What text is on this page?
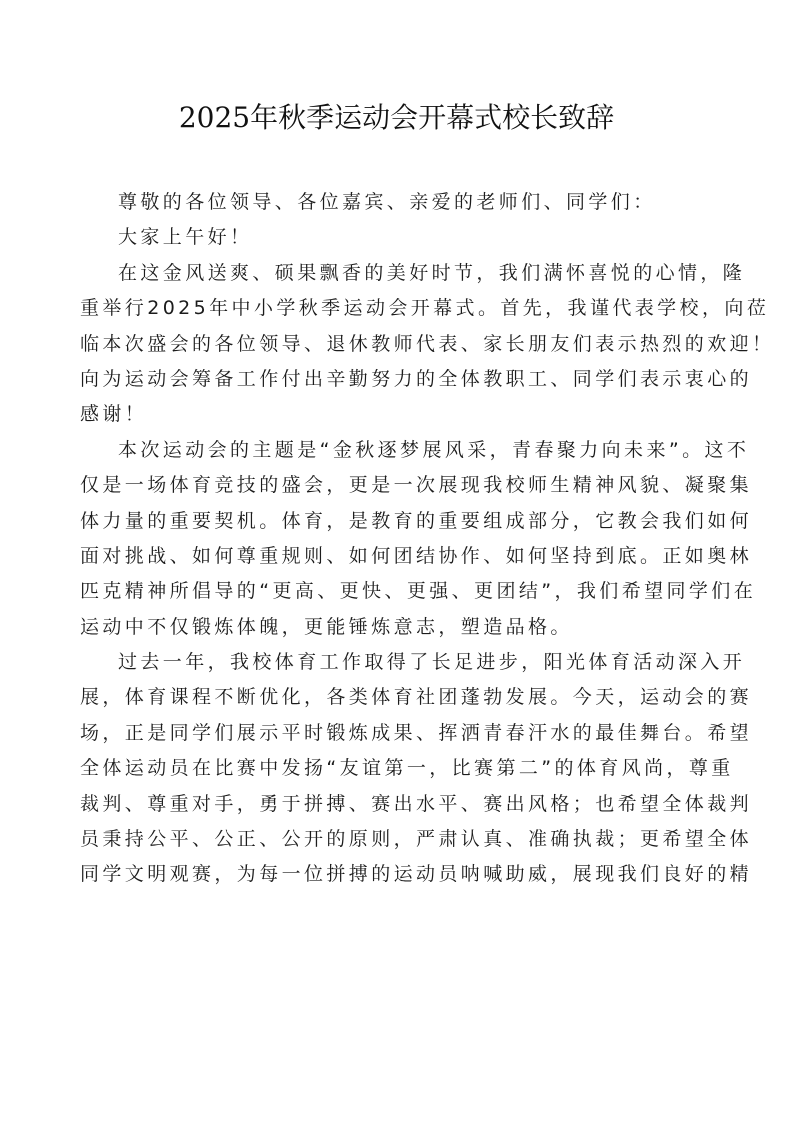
2025年秋季运动会开幕式校长致辞
尊敬的各位领导、各位嘉宾、亲爱的老师们、同学们：
大家上午好！
在这金风送爽、硕果飘香的美好时节，我们满怀喜悦的心情，隆
重举行2025年中小学秋季运动会开幕式。首先，我谨代表学校，向莅
临本次盛会的各位领导、退休教师代表、家长朋友们表示热烈的欢迎！
向为运动会筹备工作付出辛勤努力的全体教职工、同学们表示衷心的
感谢！
本次运动会的主题是“金秋逐梦展风采，青春聚力向未来”。这不
仅是一场体育竞技的盛会，更是一次展现我校师生精神风貌、凝聚集
体力量的重要契机。体育，是教育的重要组成部分，它教会我们如何
面对挑战、如何尊重规则、如何团结协作、如何坚持到底。正如奥林
匹克精神所倡导的“更高、更快、更强、更团结”，我们希望同学们在
运动中不仅锻炼体魄，更能锤炼意志，塑造品格。
过去一年，我校体育工作取得了长足进步，阳光体育活动深入开
展，体育课程不断优化，各类体育社团蓬勃发展。今天，运动会的赛
场，正是同学们展示平时锻炼成果、挥洒青春汗水的最佳舞台。希望
全体运动员在比赛中发扬“友谊第一，比赛第二”的体育风尚，尊重
裁判、尊重对手，勇于拼搏、赛出水平、赛出风格；也希望全体裁判
员秉持公平、公正、公开的原则，严肃认真、准确执裁；更希望全体
同学文明观赛，为每一位拼搏的运动员呐喊助威，展现我们良好的精
